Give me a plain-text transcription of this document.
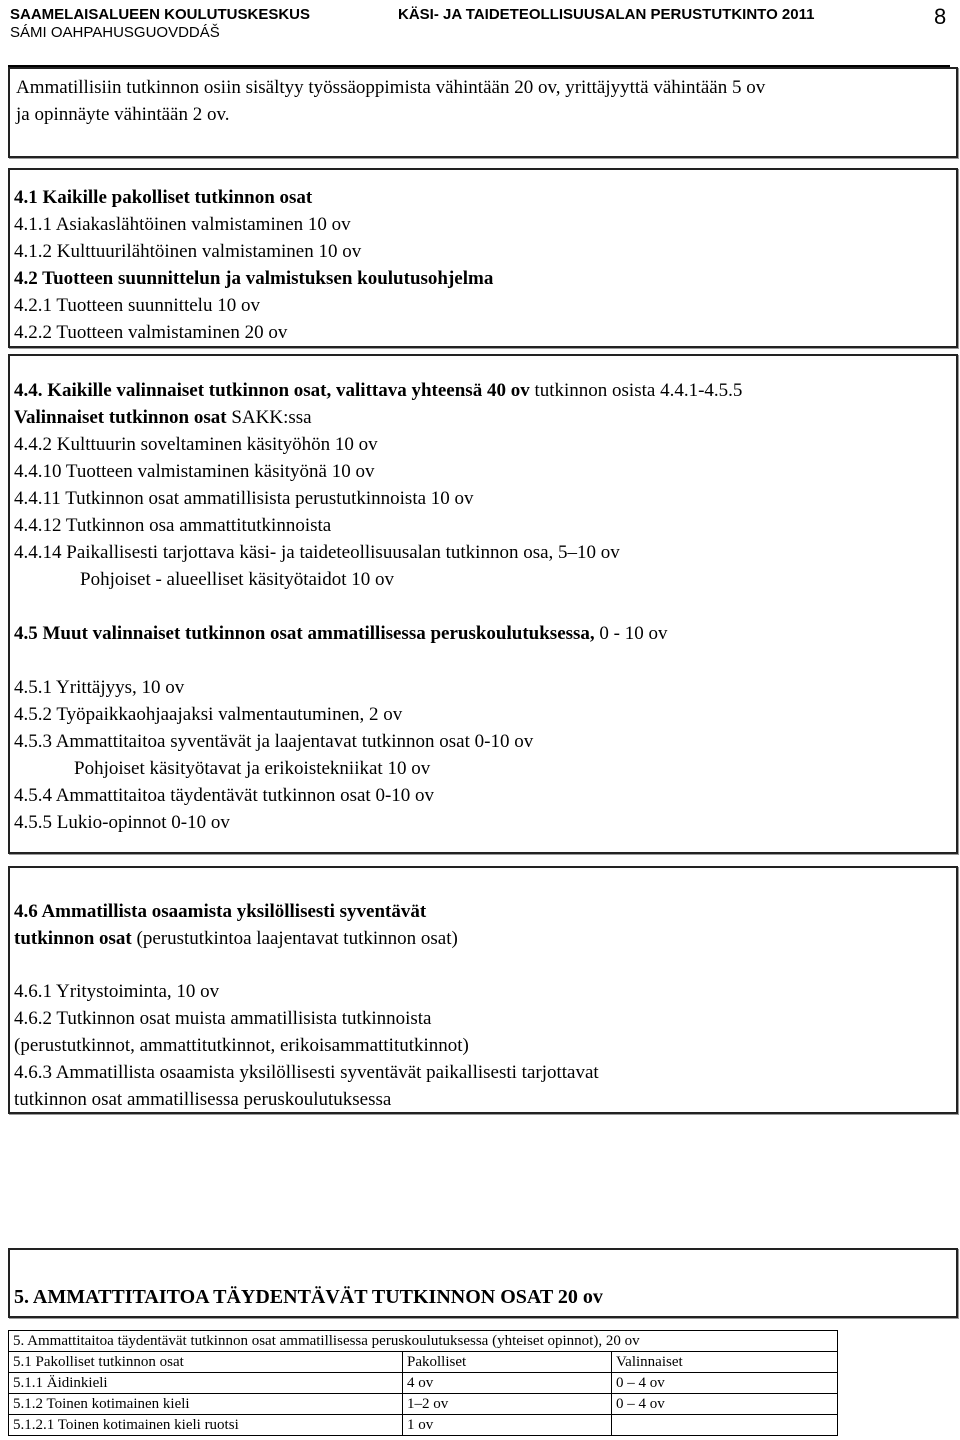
SAAMELAISALUEEN KOULUTUSKESKUS
SÁMI OAHPAHUSGUOVDDÁŠ
KÄSI- JA TAIDETEOLLISUUSALAN PERUSTUTKINTO 2011	8
Ammatillisiin tutkinnon osiin sisältyy työssäoppimista vähintään 20 ov, yrittäjyyttä vähintään 5 ov
ja opinnäyte vähintään 2 ov.
4.1 Kaikille pakolliset tutkinnon osat
4.1.1 Asiakaslähtöinen valmistaminen 10 ov
4.1.2 Kulttuurilähtöinen valmistaminen 10 ov
4.2 Tuotteen suunnittelun ja valmistuksen koulutusohjelma
4.2.1 Tuotteen suunnittelu 10 ov
4.2.2 Tuotteen valmistaminen 20 ov
4.4. Kaikille valinnaiset tutkinnon osat, valittava yhteensä 40 ov tutkinnon osista 4.4.1-4.5.5
Valinnaiset tutkinnon osat SAKK:ssa
4.4.2 Kulttuurin soveltaminen käsityöhön 10 ov
4.4.10 Tuotteen valmistaminen käsityönä 10 ov
4.4.11 Tutkinnon osat ammatillisista perustutkinnoista 10 ov
4.4.12 Tutkinnon osa ammattitutkinnoista
4.4.14 Paikallisesti tarjottava käsi- ja taideteollisuusalan tutkinnon osa, 5–10 ov
Pohjoiset - alueelliset käsityötaidot 10 ov
4.5 Muut valinnaiset tutkinnon osat ammatillisessa peruskoulutuksessa, 0 - 10 ov
4.5.1 Yrittäjyys, 10 ov
4.5.2 Työpaikkaohjaajaksi valmentautuminen, 2 ov
4.5.3 Ammattitaitoa syventävät ja laajentavat tutkinnon osat 0-10 ov
Pohjoiset käsityötavat ja erikoistekniikat 10 ov
4.5.4 Ammattitaitoa täydentävät tutkinnon osat 0-10 ov
4.5.5 Lukio-opinnot 0-10 ov
4.6 Ammatillista osaamista yksilöllisesti syventävät
tutkinnon osat (perustutkintoa laajentavat tutkinnon osat)
4.6.1 Yritystoiminta, 10 ov
4.6.2 Tutkinnon osat muista ammatillisista tutkinnoista
(perustutkinnot, ammattitutkinnot, erikoisammattitutkinnot)
4.6.3 Ammatillista osaamista yksilöllisesti syventävät paikallisesti tarjottavat
tutkinnon osat ammatillisessa peruskoulutuksessa
5. AMMATTITAITOA TÄYDENTÄVÄT TUTKINNON OSAT 20 ov
5. Ammattitaitoa täydentävät tutkinnon osat ammatillisessa peruskoulutuksessa (yhteiset opinnot), 20 ov		
5.1 Pakolliset tutkinnon osat	Pakolliset	Valinnaiset
5.1.1 Äidinkieli	4 ov	0 – 4 ov
5.1.2 Toinen kotimainen kieli	1–2 ov	0 – 4 ov
5.1.2.1 Toinen kotimainen kieli ruotsi	1 ov	
